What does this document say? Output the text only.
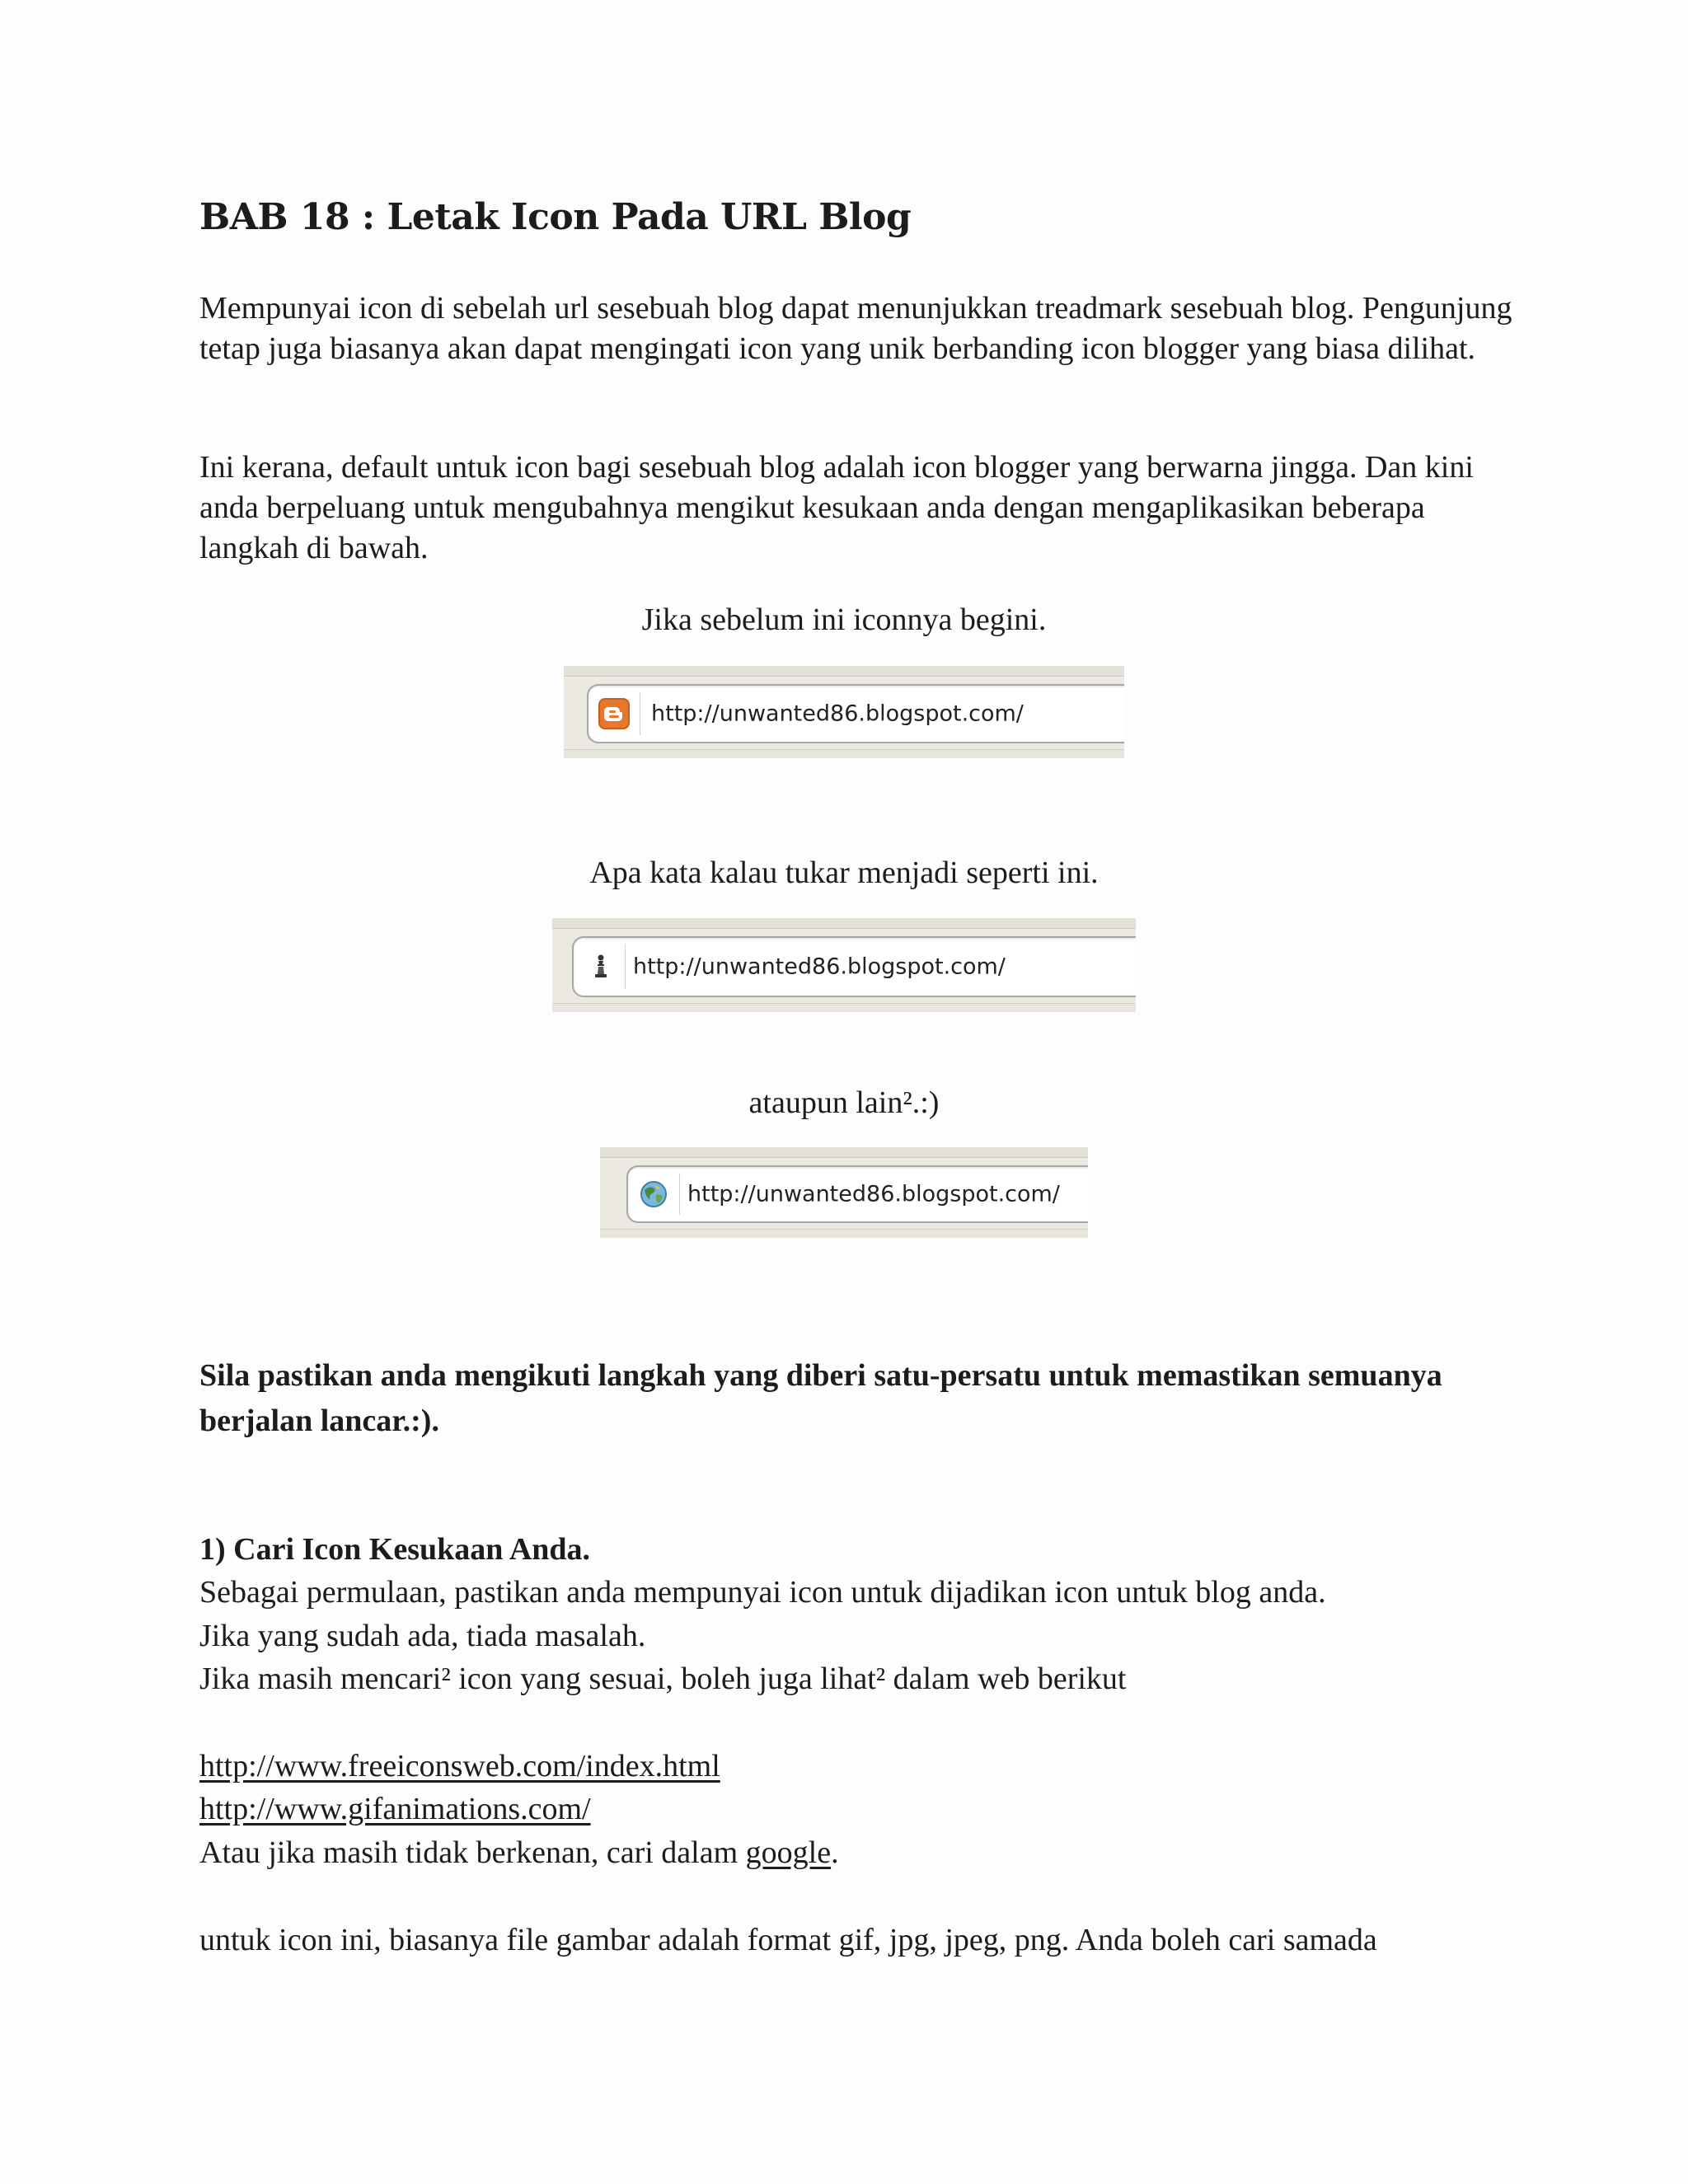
BAB 18 : Letak Icon Pada URL Blog

Mempunyai icon di sebelah url sesebuah blog dapat menunjukkan treadmark sesebuah blog. Pengunjung tetap juga biasanya akan dapat mengingati icon yang unik berbanding icon blogger yang biasa dilihat.

Ini kerana, default untuk icon bagi sesebuah blog adalah icon blogger yang berwarna jingga. Dan kini anda berpeluang untuk mengubahnya mengikut kesukaan anda dengan mengaplikasikan beberapa langkah di bawah.

Jika sebelum ini iconnya begini.

http://unwanted86.blogspot.com/

Apa kata kalau tukar menjadi seperti ini.

http://unwanted86.blogspot.com/

ataupun lain².:)

http://unwanted86.blogspot.com/

Sila pastikan anda mengikuti langkah yang diberi satu-persatu untuk memastikan semuanya berjalan lancar.:).

1) Cari Icon Kesukaan Anda.

Sebagai permulaan, pastikan anda mempunyai icon untuk dijadikan icon untuk blog anda.

Jika yang sudah ada, tiada masalah.

Jika masih mencari² icon yang sesuai, boleh juga lihat² dalam web berikut

http://www.freeiconsweb.com/index.html

http://www.gifanimations.com/

Atau jika masih tidak berkenan, cari dalam google.

untuk icon ini, biasanya file gambar adalah format gif, jpg, jpeg, png. Anda boleh cari samada
